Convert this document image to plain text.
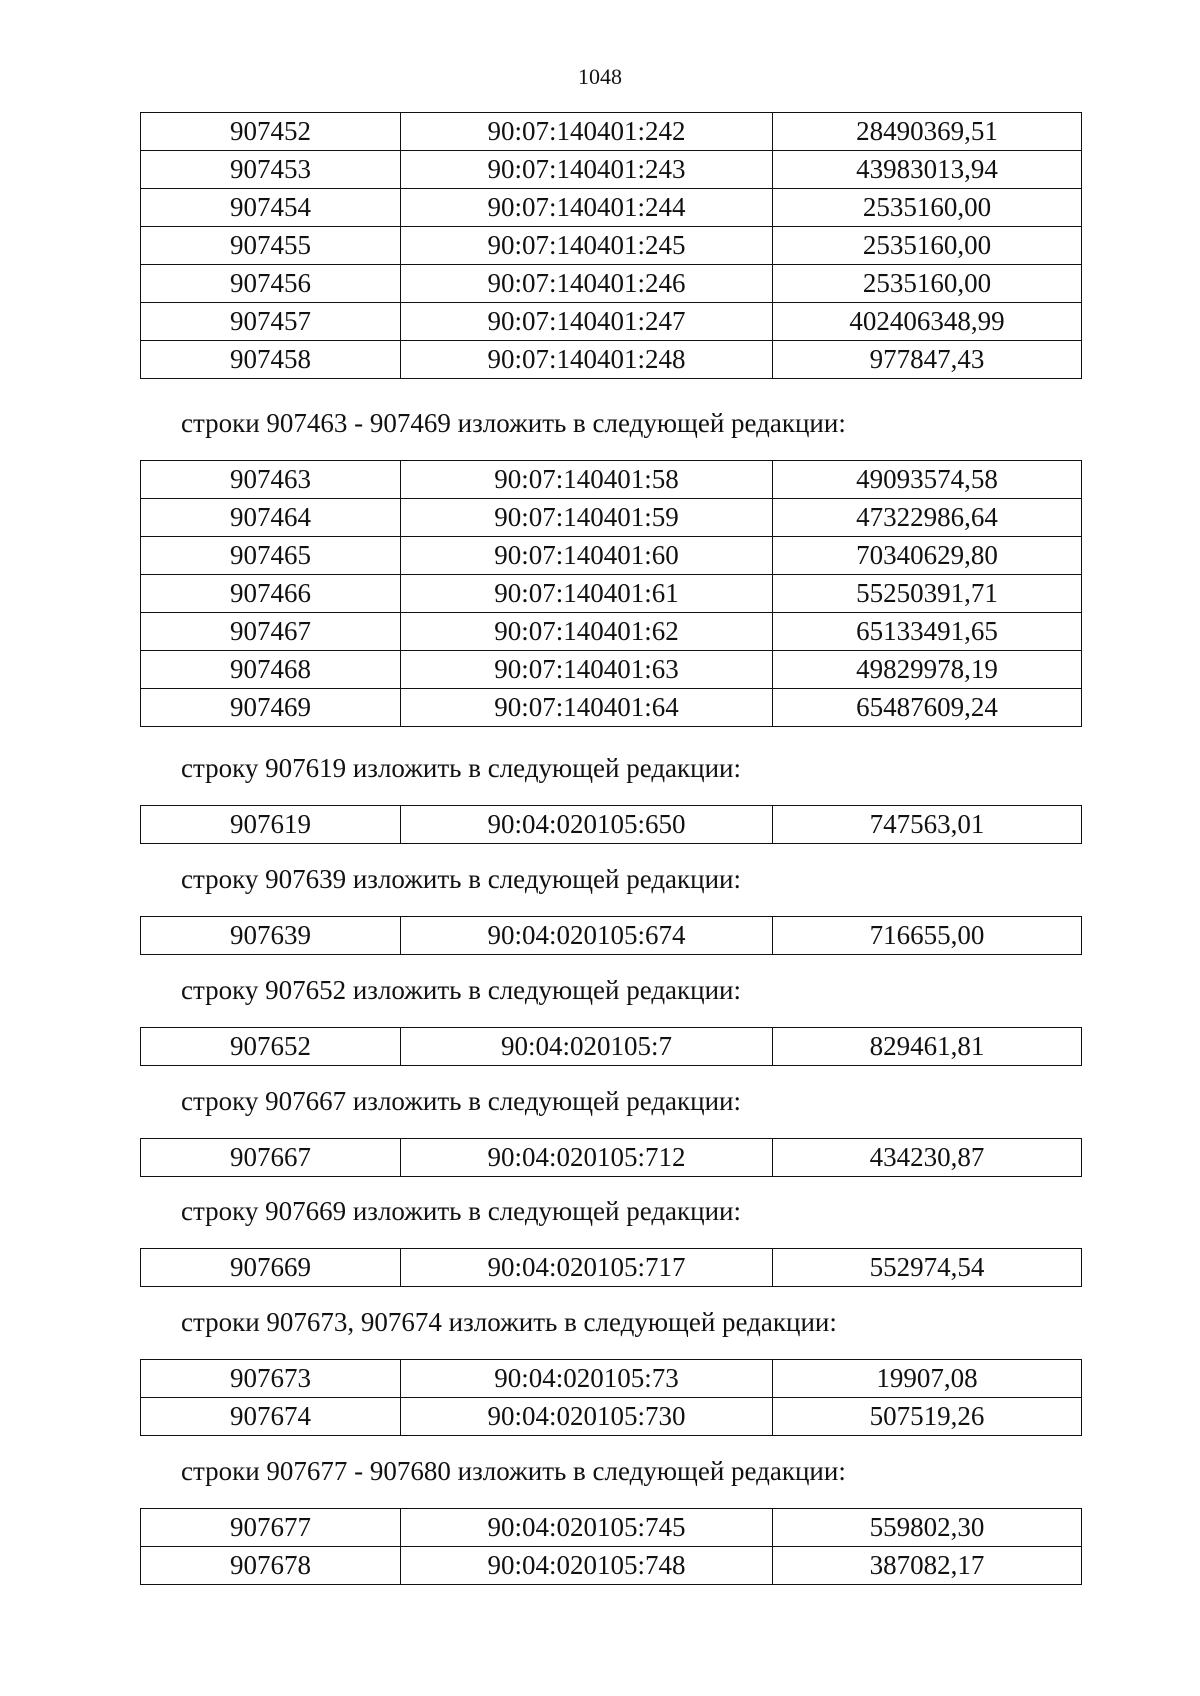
1048
907452	90:07:140401:242	28490369,51
907453	90:07:140401:243	43983013,94
907454	90:07:140401:244	2535160,00
907455	90:07:140401:245	2535160,00
907456	90:07:140401:246	2535160,00
907457	90:07:140401:247	402406348,99
907458	90:07:140401:248	977847,43
строки 907463 - 907469 изложить в следующей редакции:
907463	90:07:140401:58	49093574,58
907464	90:07:140401:59	47322986,64
907465	90:07:140401:60	70340629,80
907466	90:07:140401:61	55250391,71
907467	90:07:140401:62	65133491,65
907468	90:07:140401:63	49829978,19
907469	90:07:140401:64	65487609,24
строку 907619 изложить в следующей редакции:
907619	90:04:020105:650	747563,01
строку 907639 изложить в следующей редакции:
907639	90:04:020105:674	716655,00
строку 907652 изложить в следующей редакции:
907652	90:04:020105:7	829461,81
строку 907667 изложить в следующей редакции:
907667	90:04:020105:712	434230,87
строку 907669 изложить в следующей редакции:
907669	90:04:020105:717	552974,54
строки 907673, 907674 изложить в следующей редакции:
907673	90:04:020105:73	19907,08
907674	90:04:020105:730	507519,26
строки 907677 - 907680 изложить в следующей редакции:
907677	90:04:020105:745	559802,30
907678	90:04:020105:748	387082,17
